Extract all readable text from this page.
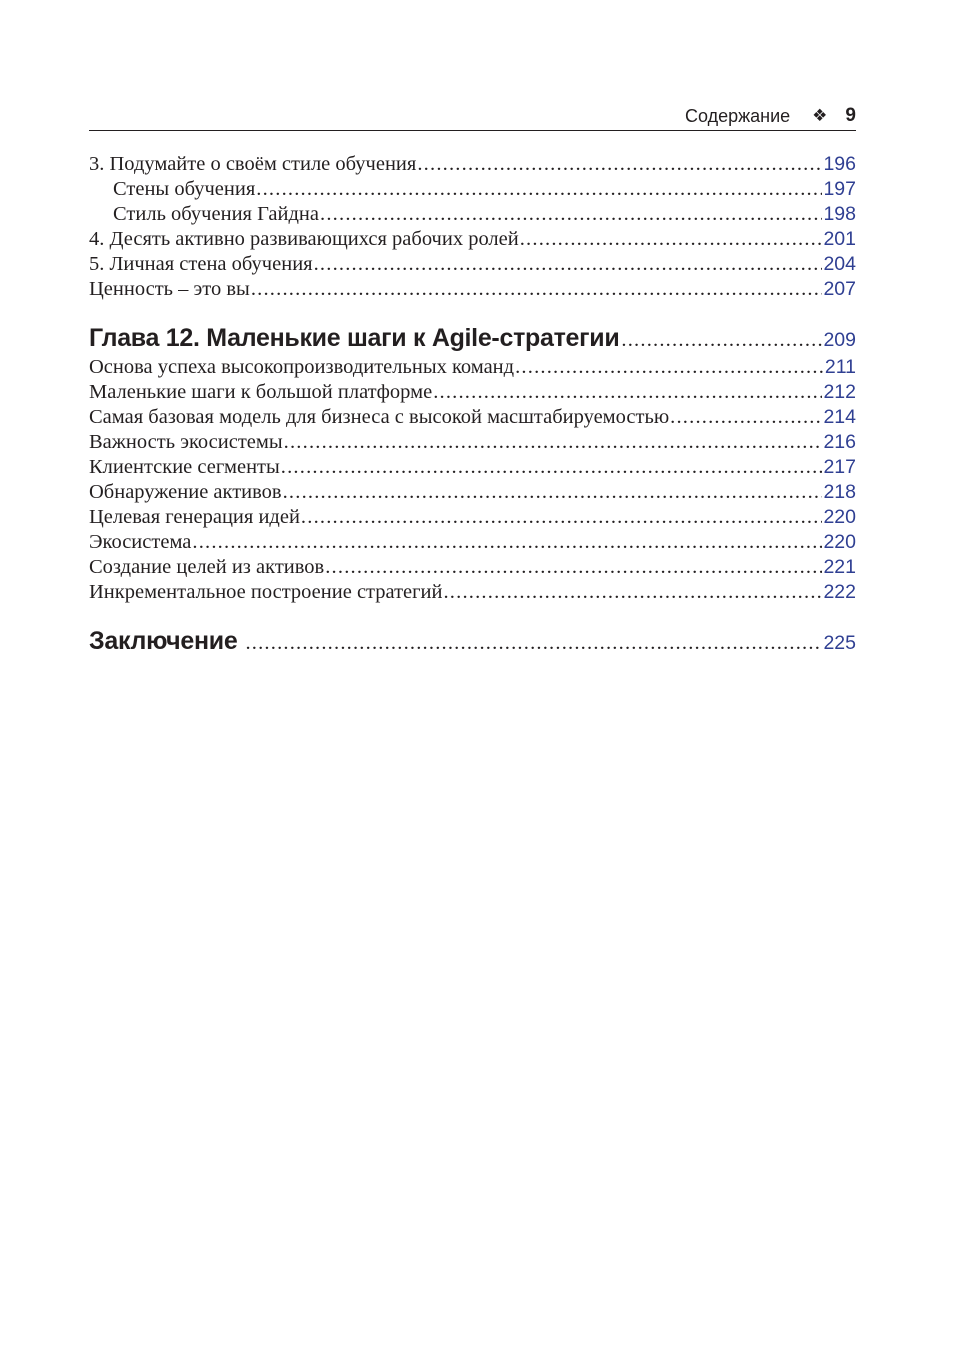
Содержание ❖ 9
3. Подумайте о своём стиле обучения .....	196
Стены обучения .....	197
Стиль обучения Гайдна .....	198
4. Десять активно развивающихся рабочих ролей .....	201
5. Личная стена обучения .....	204
Ценность – это вы .....	207
Глава 12. Маленькие шаги к Agile-стратегии .....	209
Основа успеха высокопроизводительных команд .....	211
Маленькие шаги к большой платформе .....	212
Самая базовая модель для бизнеса с высокой масштабируемостью .....	214
Важность экосистемы .....	216
Клиентские сегменты .....	217
Обнаружение активов .....	218
Целевая генерация идей .....	220
Экосистема .....	220
Создание целей из активов .....	221
Инкрементальное построение стратегий .....	222
Заключение .....	225
